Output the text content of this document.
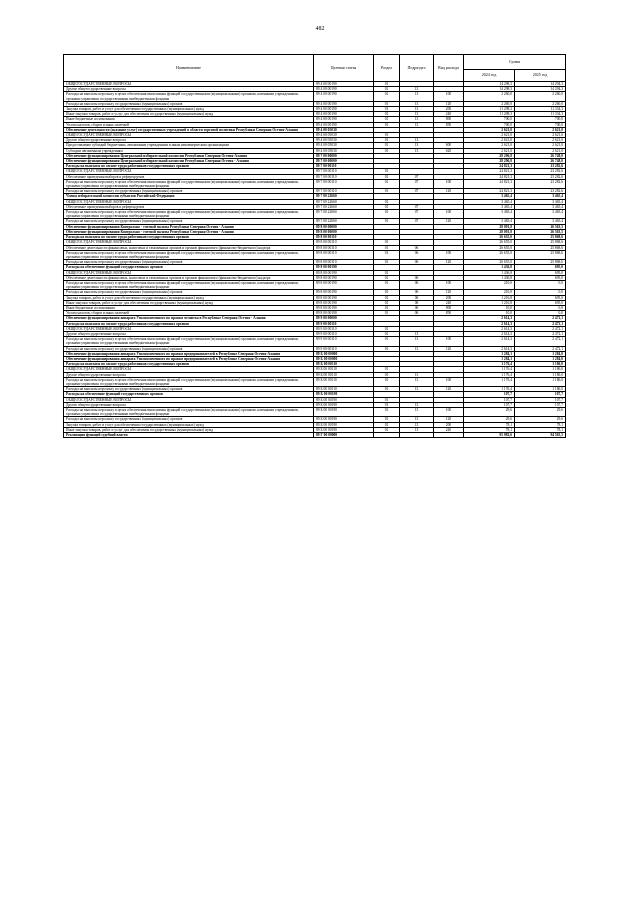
482
Наименование	Целевая статья	Раздел	Подраздел	Вид расхода	Сумма	
					2024 год	2025 год
ОБЩЕГОСУДАРСТВЕННЫЕ ВОПРОСЫ	89 4 00 00190	01			14 298,3	14 294,3
Другие общегосударственные вопросы	89 4 00 00190	01	13		14 298,3	14 294,3
Расходы на выплаты персоналу в целях обеспечения выполнения функций государственными (муниципальными) органами, казенными учреждениями, органами управления государственными внебюджетными фондами	89 4 00 00190	01	13	100	2 260,0	2 260,0
Расходы на выплаты персоналу государственных (муниципальных) органов	89 4 00 00190	01	13	120	2 260,0	2 260,0
Закупка товаров, работ и услуг для обеспечения государственных (муниципальных) нужд	89 4 00 00190	01	13	200	11 298,3	11 334,3
Иные закупки товаров, работ и услуг для обеспечения государственных (муниципальных) нужд	89 4 00 00190	01	13	240	11 298,3	11 334,3
Иные бюджетные ассигнования	89 4 00 00190	01	13	800	700,0	700,0
Уплата налогов, сборов и иных платежей	89 4 00 00190	01	13	850	700,0	700,0
Обеспечение деятельности (оказание услуг) государственных учреждений в области торговой политики Республики Северная Осетия-Алания	89 4 00 05030				2 621,0	2 621,0
ОБЩЕГОСУДАРСТВЕННЫЕ ВОПРОСЫ	89 4 00 05030	01			2 621,0	2 621,0
Другие общегосударственные вопросы	89 4 00 05030	01	13		2 621,0	2 621,0
Предоставление субсидий бюджетным, автономным учреждениям и иным некоммерческим организациям	89 4 00 05030	01	13	600	2 621,0	2 621,0
Субсидии автономным учреждениям	89 4 00 05030	01	13	620	2 621,0	2 621,0
Обеспечение функционирования Центральной избирательной комиссии Республики Северная Осетия-Алания	89 7 00 00000				28 296,8	26 748,0
Обеспечение функционирования Центральной избирательной комиссии Республики Северная Осетия - Алания	89 7 00 00000				28 296,8	26 748,0
Расходы на выплаты по оплате труда работников государственных органов	89 7 00 00110				24 821,3	23 282,6
ОБЩЕГОСУДАРСТВЕННЫЕ ВОПРОСЫ	89 7 00 00110	01			24 821,3	23 282,6
Обеспечение проведения выборов и референдумов	89 7 00 00110	01	07		24 821,3	23 282,6
Расходы на выплаты персоналу в целях обеспечения выполнения функций государственными (муниципальными) органами, казенными учреждениями, органами управления государственными внебюджетными фондами	89 7 00 00110	01	07	100	24 821,3	23 282,6
Расходы на выплаты персоналу государственных (муниципальных) органов	89 7 00 00110	01	07	120	24 821,3	23 282,6
Члены избирательной комиссии субъектов Российской Федерации	89 7 00 22660				3 465,4	3 465,4
ОБЩЕГОСУДАРСТВЕННЫЕ ВОПРОСЫ	89 7 00 22660	01			3 465,4	3 465,4
Обеспечение проведения выборов и референдумов	89 7 00 22660	01	07		3 465,4	3 465,4
Расходы на выплаты персоналу в целях обеспечения выполнения функций государственными (муниципальными) органами, казенными учреждениями, органами управления государственными внебюджетными фондами	89 7 00 22660	01	07	100	3 465,4	3 465,4
Расходы на выплаты персоналу государственных (муниципальных) органов	89 7 00 22660	01	07	120	3 465,4	3 465,4
Обеспечение функционирования Контрольно - счетной палаты Республики Северная Осетия - Алания	89 8 00 00000				28 091,8	26 563,5
Обеспечение функционирования Контрольно - счетной палаты Республики Северная Осетия - Алания	89 8 00 00000				28 091,8	26 563,5
Расходы на выплаты по оплате труда работников государственных органов	89 8 00 00110				26 655,0	25 868,6
ОБЩЕГОСУДАРСТВЕННЫЕ ВОПРОСЫ	89 8 00 00110	01			26 655,0	25 868,6
Обеспечение деятельности финансовых, налоговых и таможенных органов и органов финансового (финансово-бюджетного) надзора	89 8 00 00110	01	06		26 655,0	25 868,6
Расходы на выплаты персоналу в целях обеспечения выполнения функций государственными (муниципальными) органами, казенными учреждениями, органами управления государственными внебюджетными фондами	89 8 00 00110	01	06	100	26 655,0	25 868,6
Расходы на выплаты персоналу государственных (муниципальных) органов	89 8 00 00110	01	06	120	26 655,0	25 868,6
Расходы на обеспечение функций государственных органов	89 8 00 00190				1 436,8	695,0
ОБЩЕГОСУДАРСТВЕННЫЕ ВОПРОСЫ	89 8 00 00190	01			1 436,8	695,0
Обеспечение деятельности финансовых, налоговых и таможенных органов и органов финансового (финансово-бюджетного) надзора	89 8 00 00190	01	06		1 436,8	695,0
Расходы на выплаты персоналу в целях обеспечения выполнения функций государственными (муниципальными) органами, казенными учреждениями, органами управления государственными внебюджетными фондами	89 8 00 00190	01	06	100	210,0	0,0
Расходы на выплаты персоналу государственных (муниципальных) органов	89 8 00 00190	01	06	120	210,0	0,0
Закупка товаров, работ и услуг для обеспечения государственных (муниципальных) нужд	89 8 00 00190	01	06	200	1 216,8	695,0
Иные закупки товаров, работ и услуг для обеспечения государственных (муниципальных) нужд	89 8 00 00190	01	06	240	1 216,8	695,0
Иные бюджетные ассигнования	89 8 00 00190	01	06	800	10,0	0,0
Уплата налогов, сборов и иных платежей	89 8 00 00190	01	06	850	10,0	0,0
Обеспечение функционирования аппарата Уполномоченного по правам человека в Республике Северная Осетия - Алания	89 9 00 00000				2 614,3	2 472,1
Расходы на выплаты по оплате труда работников государственных органов	89 9 00 00110				2 614,3	2 472,1
ОБЩЕГОСУДАРСТВЕННЫЕ ВОПРОСЫ	89 9 00 00110	01			2 614,3	2 472,1
Другие общегосударственные вопросы	89 9 00 00110	01	13		2 614,3	2 472,1
Расходы на выплаты персоналу в целях обеспечения выполнения функций государственными (муниципальными) органами, казенными учреждениями, органами управления государственными внебюджетными фондами	89 9 00 00110	01	13	100	2 614,3	2 472,1
Расходы на выплаты персоналу государственных (муниципальных) органов	89 9 00 00110	01	13	120	2 614,3	2 472,1
Обеспечение функционирования аппарата Уполномоченного по правам предпринимателей в Республике Северная Осетия-Алания	89 Б 00 00000				1 284,1	1 284,0
Обеспечение функционирования аппарата Уполномоченного по правам предпринимателей в Республике Северная Осетия-Алания	89 Б 00 00000				1 284,1	1 284,0
Расходы на выплаты по оплате труда работников государственных органов	89 Б 00 00110				1 176,4	1 186,0
ОБЩЕГОСУДАРСТВЕННЫЕ ВОПРОСЫ	89 Б 00 00110	01			1 176,4	1 186,0
Другие общегосударственные вопросы	89 Б 00 00110	01	13		1 176,4	1 186,0
Расходы на выплаты персоналу в целях обеспечения выполнения функций государственными (муниципальными) органами, казенными учреждениями, органами управления государственными внебюджетными фондами	89 Б 00 00110	01	13	100	1 176,4	1 186,0
Расходы на выплаты персоналу государственных (муниципальных) органов	89 Б 00 00110	01	13	120	1 176,4	1 186,0
Расходы на обеспечение функций государственных органов	89 Б 00 00190				107,7	107,7
ОБЩЕГОСУДАРСТВЕННЫЕ ВОПРОСЫ	89 Б 00 00190	01			107,7	107,7
Другие общегосударственные вопросы	89 Б 00 00190	01	13		107,7	107,7
Расходы на выплаты персоналу в целях обеспечения выполнения функций государственными (муниципальными) органами, казенными учреждениями, органами управления государственными внебюджетными фондами	89 Б 00 00190	01	13	100	29,6	29,6
Расходы на выплаты персоналу государственных (муниципальных) органов	89 Б 00 00190	01	13	120	29,6	29,6
Закупка товаров, работ и услуг для обеспечения государственных (муниципальных) нужд	89 Б 00 00190	01	13	200	78,1	78,1
Иные закупки товаров, работ и услуг для обеспечения государственных (муниципальных) нужд	89 Б 00 00190	01	13	240	78,1	78,1
Реализация функций судебной власти	89 Г 00 00000				95 982,6	94 563,5
